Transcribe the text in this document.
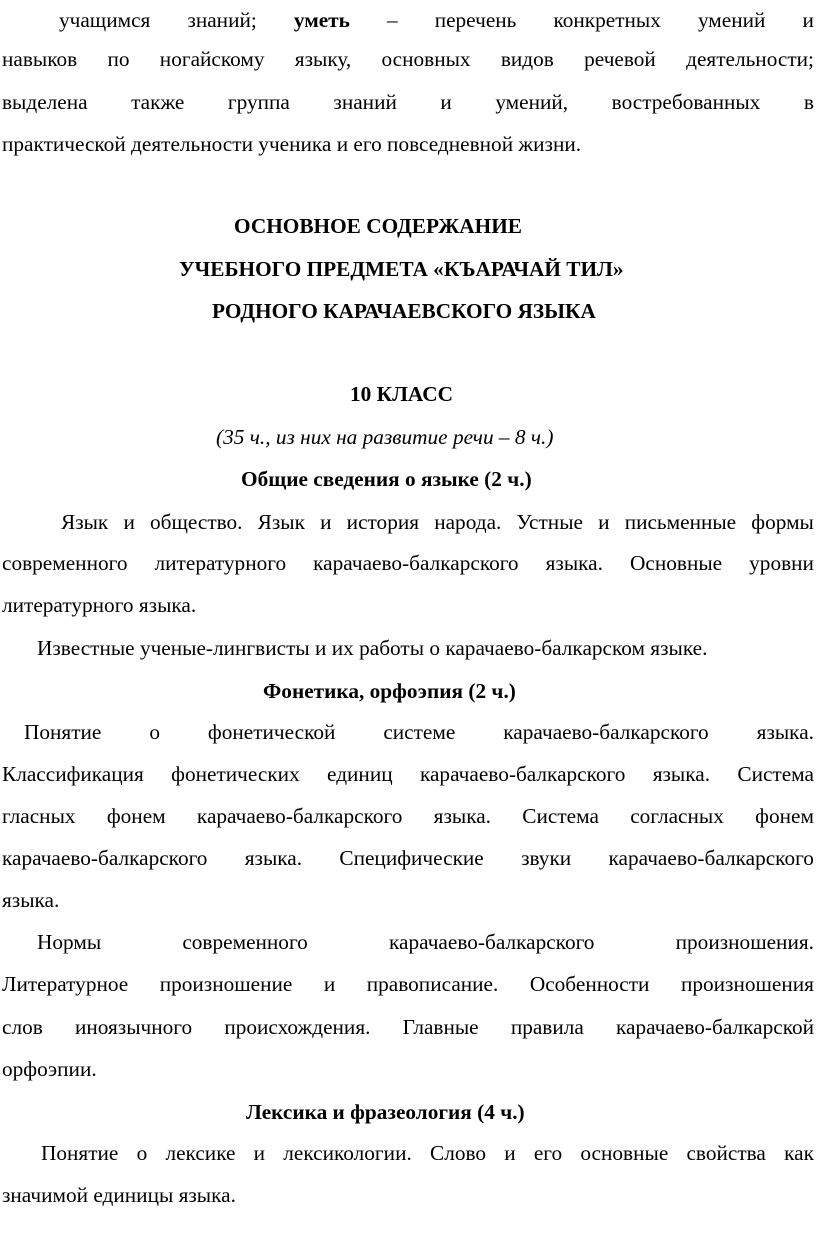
учащимся знаний; уметь – перечень конкретных умений и
навыков по ногайскому языку, основных видов речевой деятельности;
выделена также группа знаний и умений, востребованных в
практической деятельности ученика и его повседневной жизни.
ОСНОВНОЕ СОДЕРЖАНИЕ
УЧЕБНОГО ПРЕДМЕТА «КЪАРАЧАЙ ТИЛ»
РОДНОГО КАРАЧАЕВСКОГО ЯЗЫКА
10 КЛАСС
(35 ч., из них на развитие речи – 8 ч.)
Общие сведения о языке (2 ч.)
Язык и общество. Язык и история народа. Устные и письменные формы
современного литературного карачаево-балкарского языка. Основные уровни
литературного языка.
Известные ученые-лингвисты и их работы о карачаево-балкарском языке.
Фонетика, орфоэпия (2 ч.)
Понятие о фонетической системе карачаево-балкарского языка.
Классификация фонетических единиц карачаево-балкарского языка. Система
гласных фонем карачаево-балкарского языка. Система согласных фонем
карачаево-балкарского языка. Специфические звуки карачаево-балкарского
языка.
Нормы	современного	карачаево-балкарского	произношения.
Литературное произношение и правописание. Особенности произношения
слов иноязычного происхождения. Главные правила карачаево-балкарской
орфоэпии.
Лексика и фразеология (4 ч.)
Понятие о лексике и лексикологии. Слово и его основные свойства как
значимой единицы языка.
